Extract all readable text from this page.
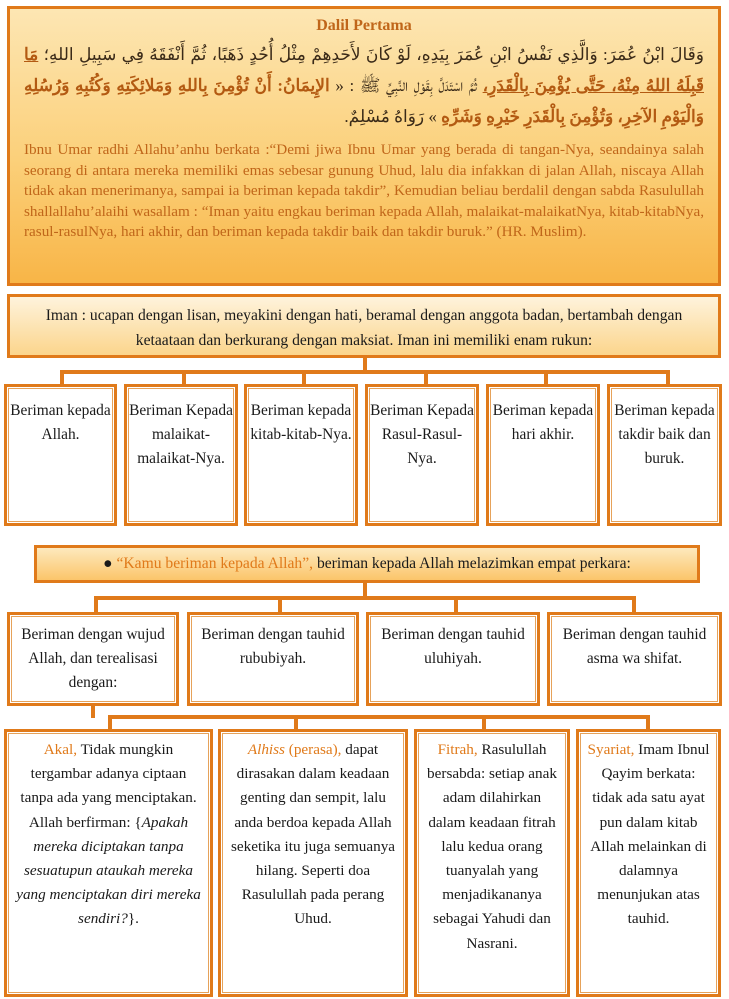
Dalil Pertama
وَقَالَ ابْنُ عُمَرَ: وَالَّذِي نَفْسُ ابْنِ عُمَرَ بِيَدِهِ، لَوْ كَانَ لأَحَدِهِمْ مِثْلُ أُحُدٍ ذَهَبًا، ثُمَّ أَنْفَقَهُ فِي سَبِيلِ اللهِ؛ مَا قَبِلَهُ اللهُ مِنْهُ، حَتَّى يُؤْمِنَ بِالْقَدَرِ، ثُمَّ اسْتَدَلَّ بِقَوْلِ النَّبِيِّ ﷺ : « الإِيمَانُ: أَنْ تُؤْمِنَ بِاللهِ وَمَلائِكَتِهِ وَكُتُبِهِ وَرُسُلِهِ وَالْيَوْمِ الآخِرِ، وَتُؤْمِنَ بِالْقَدَرِ خَيْرِهِ وَشَرِّهِ » رَوَاهُ مُسْلِمٌ.
Ibnu Umar radhi Allahu’anhu berkata :“Demi jiwa Ibnu Umar yang berada di tangan-Nya, seandainya salah seorang di antara mereka memiliki emas sebesar gunung Uhud, lalu dia infakkan di jalan Allah, niscaya Allah tidak akan menerimanya, sampai ia beriman kepada takdir”, Kemudian beliau berdalil dengan sabda Rasulullah shallallahu’alaihi wasallam : “Iman yaitu engkau beriman kepada Allah, malaikat-malaikatNya, kitab-kitabNya, rasul-rasulNya, hari akhir, dan beriman kepada takdir baik dan takdir buruk.” (HR. Muslim).
Iman : ucapan dengan lisan, meyakini dengan hati, beramal dengan anggota badan, bertambah dengan ketaataan dan berkurang dengan maksiat. Iman ini memiliki enam rukun:
Beriman kepada Allah.
Beriman Kepada malaikat-malaikat-Nya.
Beriman kepada kitab-kitab-Nya.
Beriman Kepada Rasul-Rasul-Nya.
Beriman kepada hari akhir.
Beriman kepada takdir baik dan buruk.
● “Kamu beriman kepada Allah”, beriman kepada Allah melazimkan empat perkara:
Beriman dengan wujud Allah, dan terealisasi dengan:
Beriman dengan tauhid rububiyah.
Beriman dengan tauhid uluhiyah.
Beriman dengan tauhid asma wa shifat.
Akal, Tidak mungkin tergambar adanya ciptaan tanpa ada yang menciptakan. Allah berfirman: {Apakah mereka diciptakan tanpa sesuatupun ataukah mereka yang menciptakan diri mereka sendiri?}.
Alhiss (perasa), dapat dirasakan dalam keadaan genting dan sempit, lalu anda berdoa kepada Allah seketika itu juga semuanya hilang. Seperti doa Rasulullah pada perang Uhud.
Fitrah, Rasulullah bersabda: setiap anak adam dilahirkan dalam keadaan fitrah lalu kedua orang tuanyalah yang menjadikananya sebagai Yahudi dan Nasrani.
Syariat, Imam Ibnul Qayim berkata: tidak ada satu ayat pun dalam kitab Allah melainkan di dalamnya menunjukan atas tauhid.
